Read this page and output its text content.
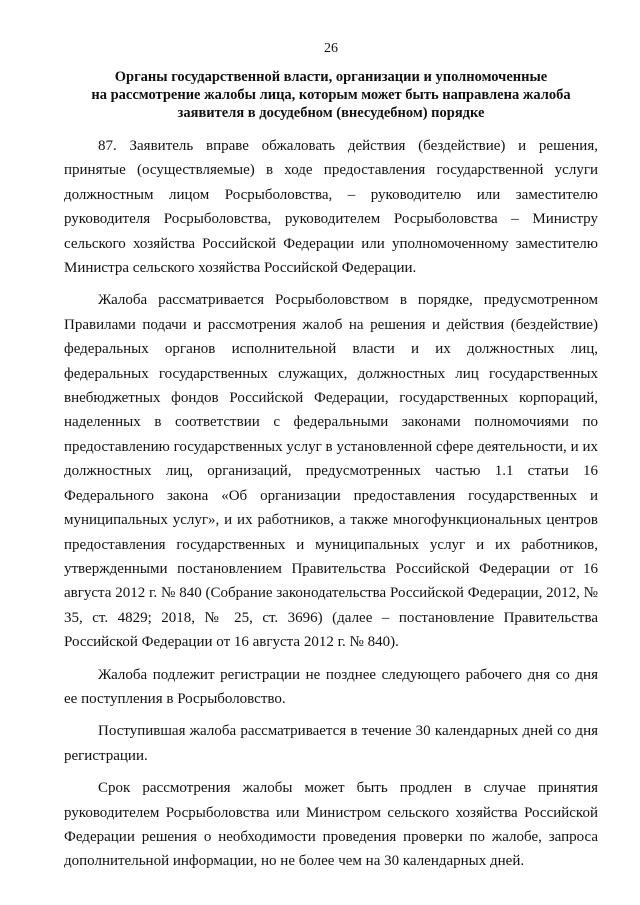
26
Органы государственной власти, организации и уполномоченные
на рассмотрение жалобы лица, которым может быть направлена жалоба
заявителя в досудебном (внесудебном) порядке

87. Заявитель вправе обжаловать действия (бездействие) и решения, принятые (осуществляемые) в ходе предоставления государственной услуги должностным лицом Росрыболовства, – руководителю или заместителю руководителя Росрыболовства, руководителем Росрыболовства – Министру сельского хозяйства Российской Федерации или уполномоченному заместителю Министра сельского хозяйства Российской Федерации.

Жалоба рассматривается Росрыболовством в порядке, предусмотренном Правилами подачи и рассмотрения жалоб на решения и действия (бездействие) федеральных органов исполнительной власти и их должностных лиц, федеральных государственных служащих, должностных лиц государственных внебюджетных фондов Российской Федерации, государственных корпораций, наделенных в соответствии с федеральными законами полномочиями по предоставлению государственных услуг в установленной сфере деятельности, и их должностных лиц, организаций, предусмотренных частью 1.1 статьи 16 Федерального закона «Об организации предоставления государственных и муниципальных услуг», и их работников, а также многофункциональных центров предоставления государственных и муниципальных услуг и их работников, утвержденными постановлением Правительства Российской Федерации от 16 августа 2012 г. № 840 (Собрание законодательства Российской Федерации, 2012, № 35, ст. 4829; 2018, № 25, ст. 3696) (далее – постановление Правительства Российской Федерации от 16 августа 2012 г. № 840).

Жалоба подлежит регистрации не позднее следующего рабочего дня со дня ее поступления в Росрыболовство.

Поступившая жалоба рассматривается в течение 30 календарных дней со дня регистрации.

Срок рассмотрения жалобы может быть продлен в случае принятия руководителем Росрыболовства или Министром сельского хозяйства Российской Федерации решения о необходимости проведения проверки по жалобе, запроса дополнительной информации, но не более чем на 30 календарных дней.
